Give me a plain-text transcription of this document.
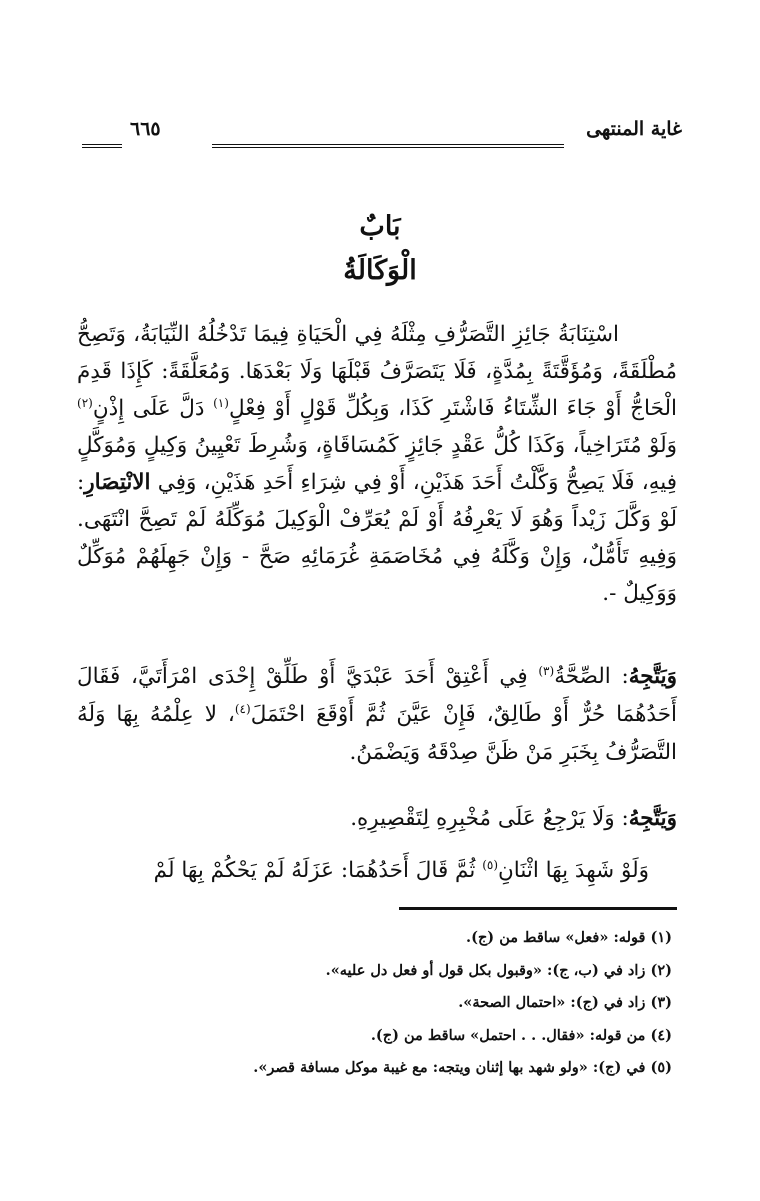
غاية المنتهى
٦٦٥
بَابٌ
الْوَكَالَةُ
اسْتِنَابَةُ جَائِزِ التَّصَرُّفِ مِثْلَهُ فِي الْحَيَاةِ فِيمَا تَدْخُلُهُ النِّيَابَةُ، وَتَصِحُّ مُطْلَقَةً، وَمُؤَقَّتَةً بِمُدَّةٍ، فَلَا يَتَصَرَّفُ قَبْلَهَا وَلَا بَعْدَهَا. وَمُعَلَّقَةً: كَإِذَا قَدِمَ الْحَاجُّ أَوْ جَاءَ الشِّتَاءُ فَاشْتَرِ كَذَا، وَبِكُلِّ قَوْلٍ أَوْ فِعْلٍ$^{(١)}$ دَلَّ عَلَى إِذْنٍ$^{(٢)}$ وَلَوْ مُتَرَاخِياً، وَكَذَا كُلُّ عَقْدٍ جَائِزٍ كَمُسَاقَاةٍ، وَشُرِطَ تَعْيِينُ وَكِيلٍ وَمُوَكَّلٍ فِيهِ، فَلَا يَصِحُّ وَكَّلْتُ أَحَدَ هَذَيْنِ، أَوْ فِي شِرَاءِ أَحَدِ هَذَيْنِ، وَفِي الانْتِصَارِ: لَوْ وَكَّلَ زَيْداً وَهُوَ لَا يَعْرِفُهُ أَوْ لَمْ يُعَرِّفْ الْوَكِيلَ مُوَكِّلَهُ لَمْ تَصِحَّ انْتَهَى. وَفِيهِ تَأَمُّلٌ، وَإِنْ وَكَّلَهُ فِي مُخَاصَمَةِ غُرَمَائِهِ صَحَّ - وَإِنْ جَهِلَهُمْ مُوَكِّلٌ وَوَكِيلٌ -.
وَيَتَّجِهُ: الصِّحَّةُ$^{(٣)}$ فِي أَعْتِقْ أَحَدَ عَبْدَيَّ أَوْ طَلِّقْ إِحْدَى امْرَأَتَيَّ، فَقَالَ أَحَدُهُمَا حُرٌّ أَوْ طَالِقٌ، فَإِنْ عَيَّنَ ثُمَّ أَوْقَعَ احْتَمَلَ$^{(٤)}$، لا عِلْمُهُ بِهَا وَلَهُ التَّصَرُّفُ بِخَبَرِ مَنْ ظَنَّ صِدْقَهُ وَيَضْمَنُ.
وَيَتَّجِهُ: وَلَا يَرْجِعُ عَلَى مُخْبِرِهِ لِتَقْصِيرِهِ.
وَلَوْ شَهِدَ بِهَا اثْنَانِ$^{(٥)}$ ثُمَّ قَالَ أَحَدُهُمَا: عَزَلَهُ لَمْ يَحْكُمْ بِهَا لَمْ
(١) قوله: «فعل» ساقط من (ج).
(٢) زاد في (ب، ج): «وقبول بكل قول أو فعل دل عليه».
(٣) زاد في (ج): «احتمال الصحة».
(٤) من قوله: «فقال. . . احتمل» ساقط من (ج).
(٥) في (ج): «ولو شهد بها إثنان ويتجه: مع غيبة موكل مسافة قصر».
